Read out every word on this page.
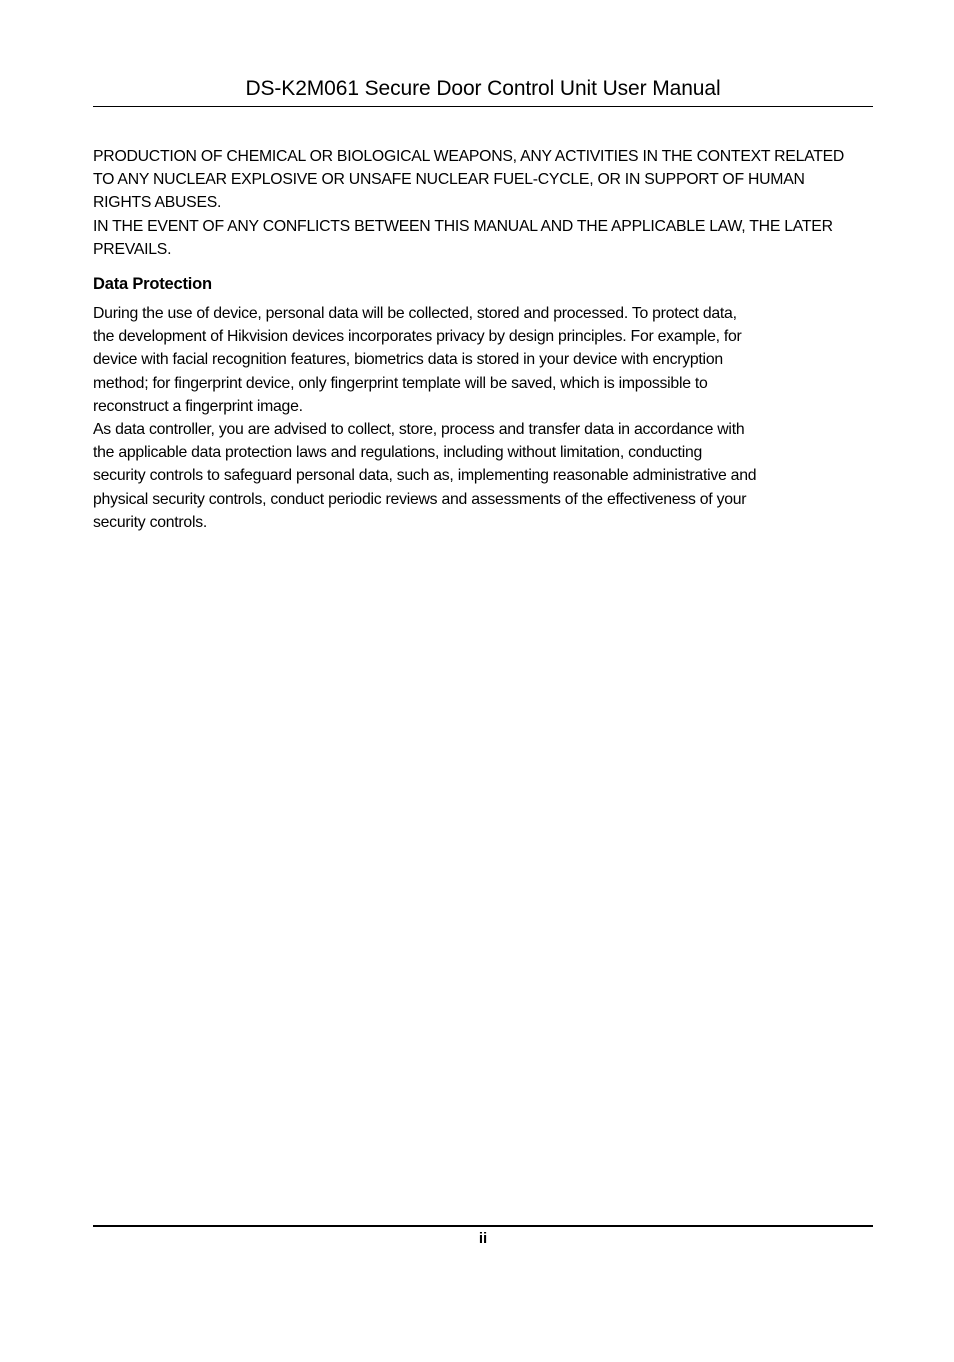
DS-K2M061 Secure Door Control Unit User Manual

PRODUCTION OF CHEMICAL OR BIOLOGICAL WEAPONS, ANY ACTIVITIES IN THE CONTEXT RELATED
TO ANY NUCLEAR EXPLOSIVE OR UNSAFE NUCLEAR FUEL-CYCLE, OR IN SUPPORT OF HUMAN
RIGHTS ABUSES.
IN THE EVENT OF ANY CONFLICTS BETWEEN THIS MANUAL AND THE APPLICABLE LAW, THE LATER
PREVAILS.

Data Protection

During the use of device, personal data will be collected, stored and processed. To protect data,
the development of Hikvision devices incorporates privacy by design principles. For example, for
device with facial recognition features, biometrics data is stored in your device with encryption
method; for fingerprint device, only fingerprint template will be saved, which is impossible to
reconstruct a fingerprint image.

As data controller, you are advised to collect, store, process and transfer data in accordance with
the applicable data protection laws and regulations, including without limitation, conducting
security controls to safeguard personal data, such as, implementing reasonable administrative and
physical security controls, conduct periodic reviews and assessments of the effectiveness of your
security controls.

ii
